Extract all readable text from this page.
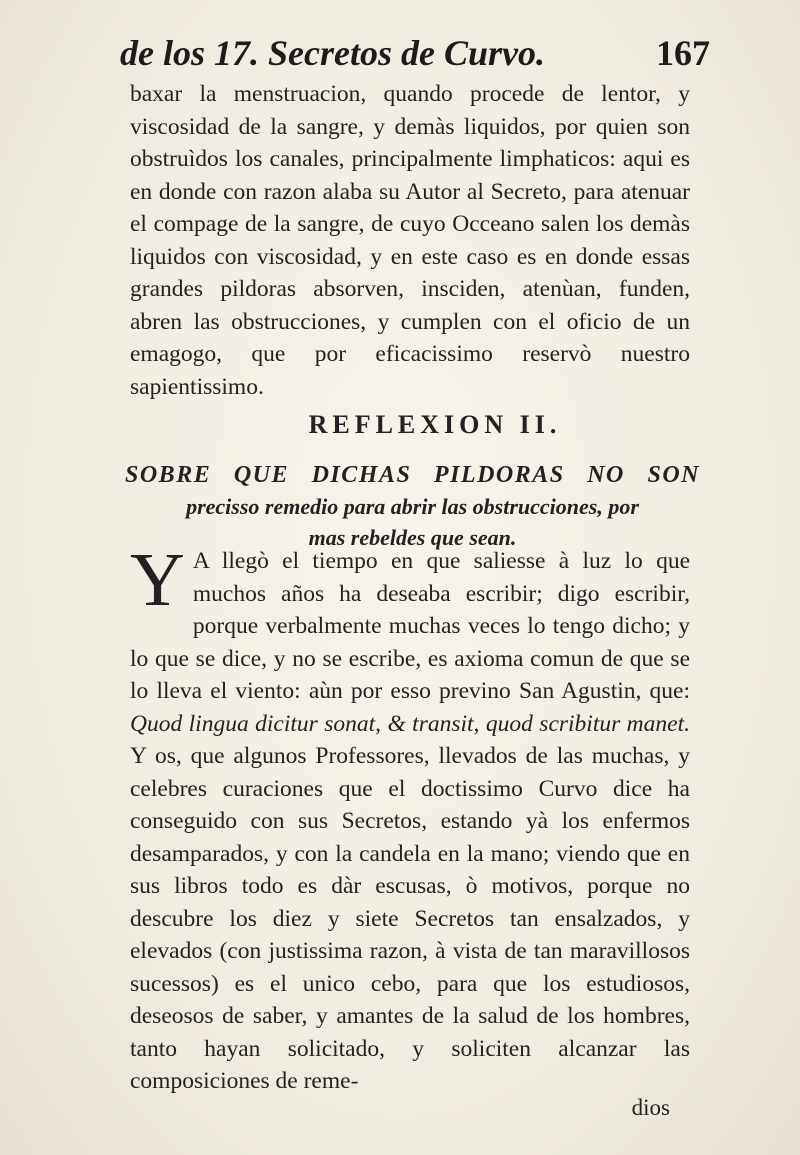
de los 17. Secretos de Curvo.	167
baxar la menstruacion, quando procede de lentor, y viscosidad de la sangre, y demàs liquidos, por quien son obstruìdos los canales, principalmente limphaticos: aqui es en donde con razon alaba su Autor al Secreto, para atenuar el compage de la sangre, de cuyo Occeano salen los demàs liquidos con viscosidad, y en este caso es en donde essas grandes pildoras absorven, insciden, atenùan, funden, abren las obstrucciones, y cumplen con el oficio de un emagogo, que por eficacissimo reservò nuestro sapientissimo.
REFLEXION II.
SOBRE QUE DICHAS PILDORAS NO SON
precisso remedio para abrir las obstrucciones, por
mas rebeldes que sean.
Y A llegò el tiempo en que saliesse à luz lo que muchos años ha deseaba escribir; digo escribir, porque verbalmente muchas veces lo tengo dicho; y lo que se dice, y no se escribe, es axioma comun de que se lo lleva el viento: aùn por esso previno San Agustin, que: Quod lingua dicitur sonat, & transit, quod scribitur manet. Y os, que algunos Professores, llevados de las muchas, y celebres curaciones que el doctissimo Curvo dice ha conseguido con sus Secretos, estando yà los enfermos desamparados, y con la candela en la mano; viendo que en sus libros todo es dàr escusas, ò motivos, porque no descubre los diez y siete Secretos tan ensalzados, y elevados (con justissima razon, à vista de tan maravillosos sucessos) es el unico cebo, para que los estudiosos, deseosos de saber, y amantes de la salud de los hombres, tanto hayan solicitado, y soliciten alcanzar las composiciones de reme-
dios
